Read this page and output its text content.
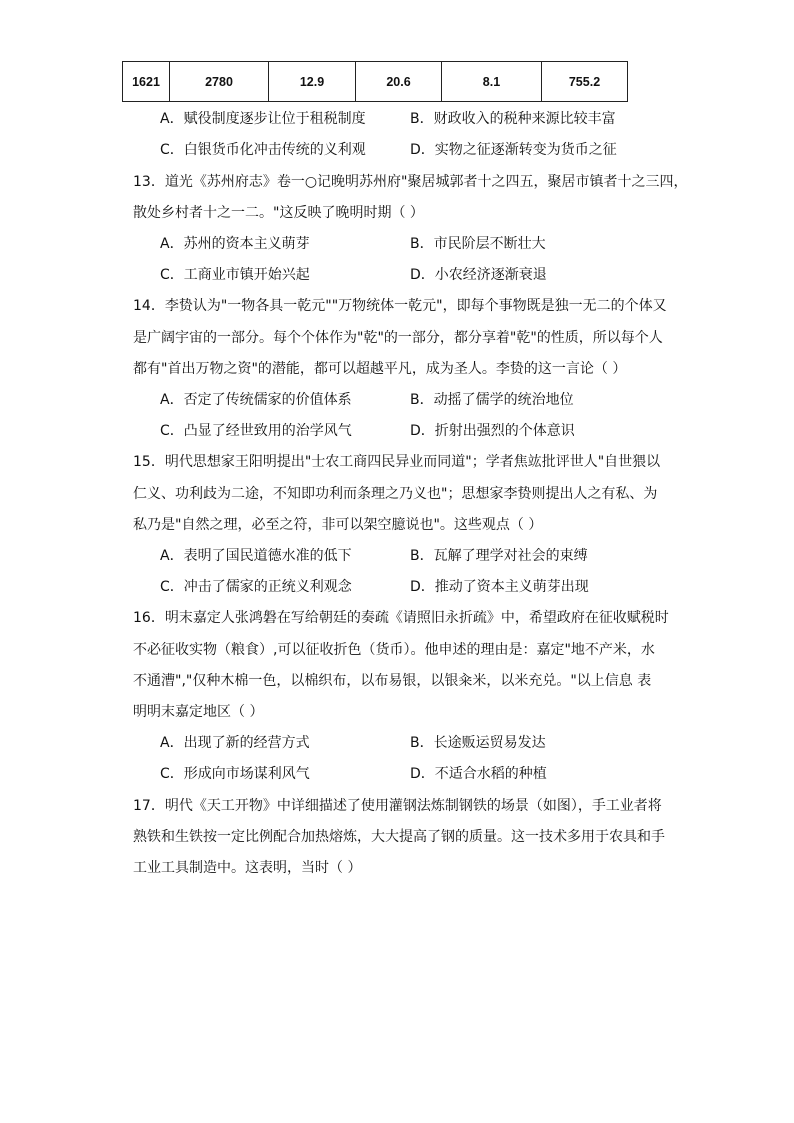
1621	2780	12.9	20.6	8.1	755.2
A．赋役制度逐步让位于租税制度	B．财政收入的税种来源比较丰富
C．白银货币化冲击传统的义利观	D．实物之征逐渐转变为货币之征
13．道光《苏州府志》卷一○记晚明苏州府"聚居城郭者十之四五，聚居市镇者十之三四，
散处乡村者十之一二。"这反映了晚明时期（ ）
A．苏州的资本主义萌芽	B．市民阶层不断壮大
C．工商业市镇开始兴起	D．小农经济逐渐衰退
14．李贽认为"一物各具一乾元""万物统体一乾元"，即每个事物既是独一无二的个体又
是广阔宇宙的一部分。每个个体作为"乾"的一部分，都分享着"乾"的性质，所以每个人
都有"首出万物之资"的潜能，都可以超越平凡，成为圣人。李贽的这一言论（ ）
A．否定了传统儒家的价值体系	B．动摇了儒学的统治地位
C．凸显了经世致用的治学风气	D．折射出强烈的个体意识
15．明代思想家王阳明提出"士农工商四民异业而同道"；学者焦竑批评世人"自世猥以
仁义、功利歧为二途，不知即功利而条理之乃义也"；思想家李贽则提出人之有私、为
私乃是"自然之理，必至之符，非可以架空臆说也"。这些观点（ ）
A．表明了国民道德水准的低下	B．瓦解了理学对社会的束缚
C．冲击了儒家的正统义利观念	D．推动了资本主义萌芽出现
16．明末嘉定人张鸿磐在写给朝廷的奏疏《请照旧永折疏》中，希望政府在征收赋税时
不必征收实物（粮食）,可以征收折色（货币）。他申述的理由是：嘉定"地不产米，水
不通漕","仅种木棉一色，以棉织布，以布易银，以银籴米，以米充兑。"以上信息 表
明明末嘉定地区（ ）
A．出现了新的经营方式	B．长途贩运贸易发达
C．形成向市场谋利风气	D．不适合水稻的种植
17．明代《天工开物》中详细描述了使用灌钢法炼制钢铁的场景（如图），手工业者将
熟铁和生铁按一定比例配合加热熔炼，大大提高了钢的质量。这一技术多用于农具和手
工业工具制造中。这表明，当时（ ）
